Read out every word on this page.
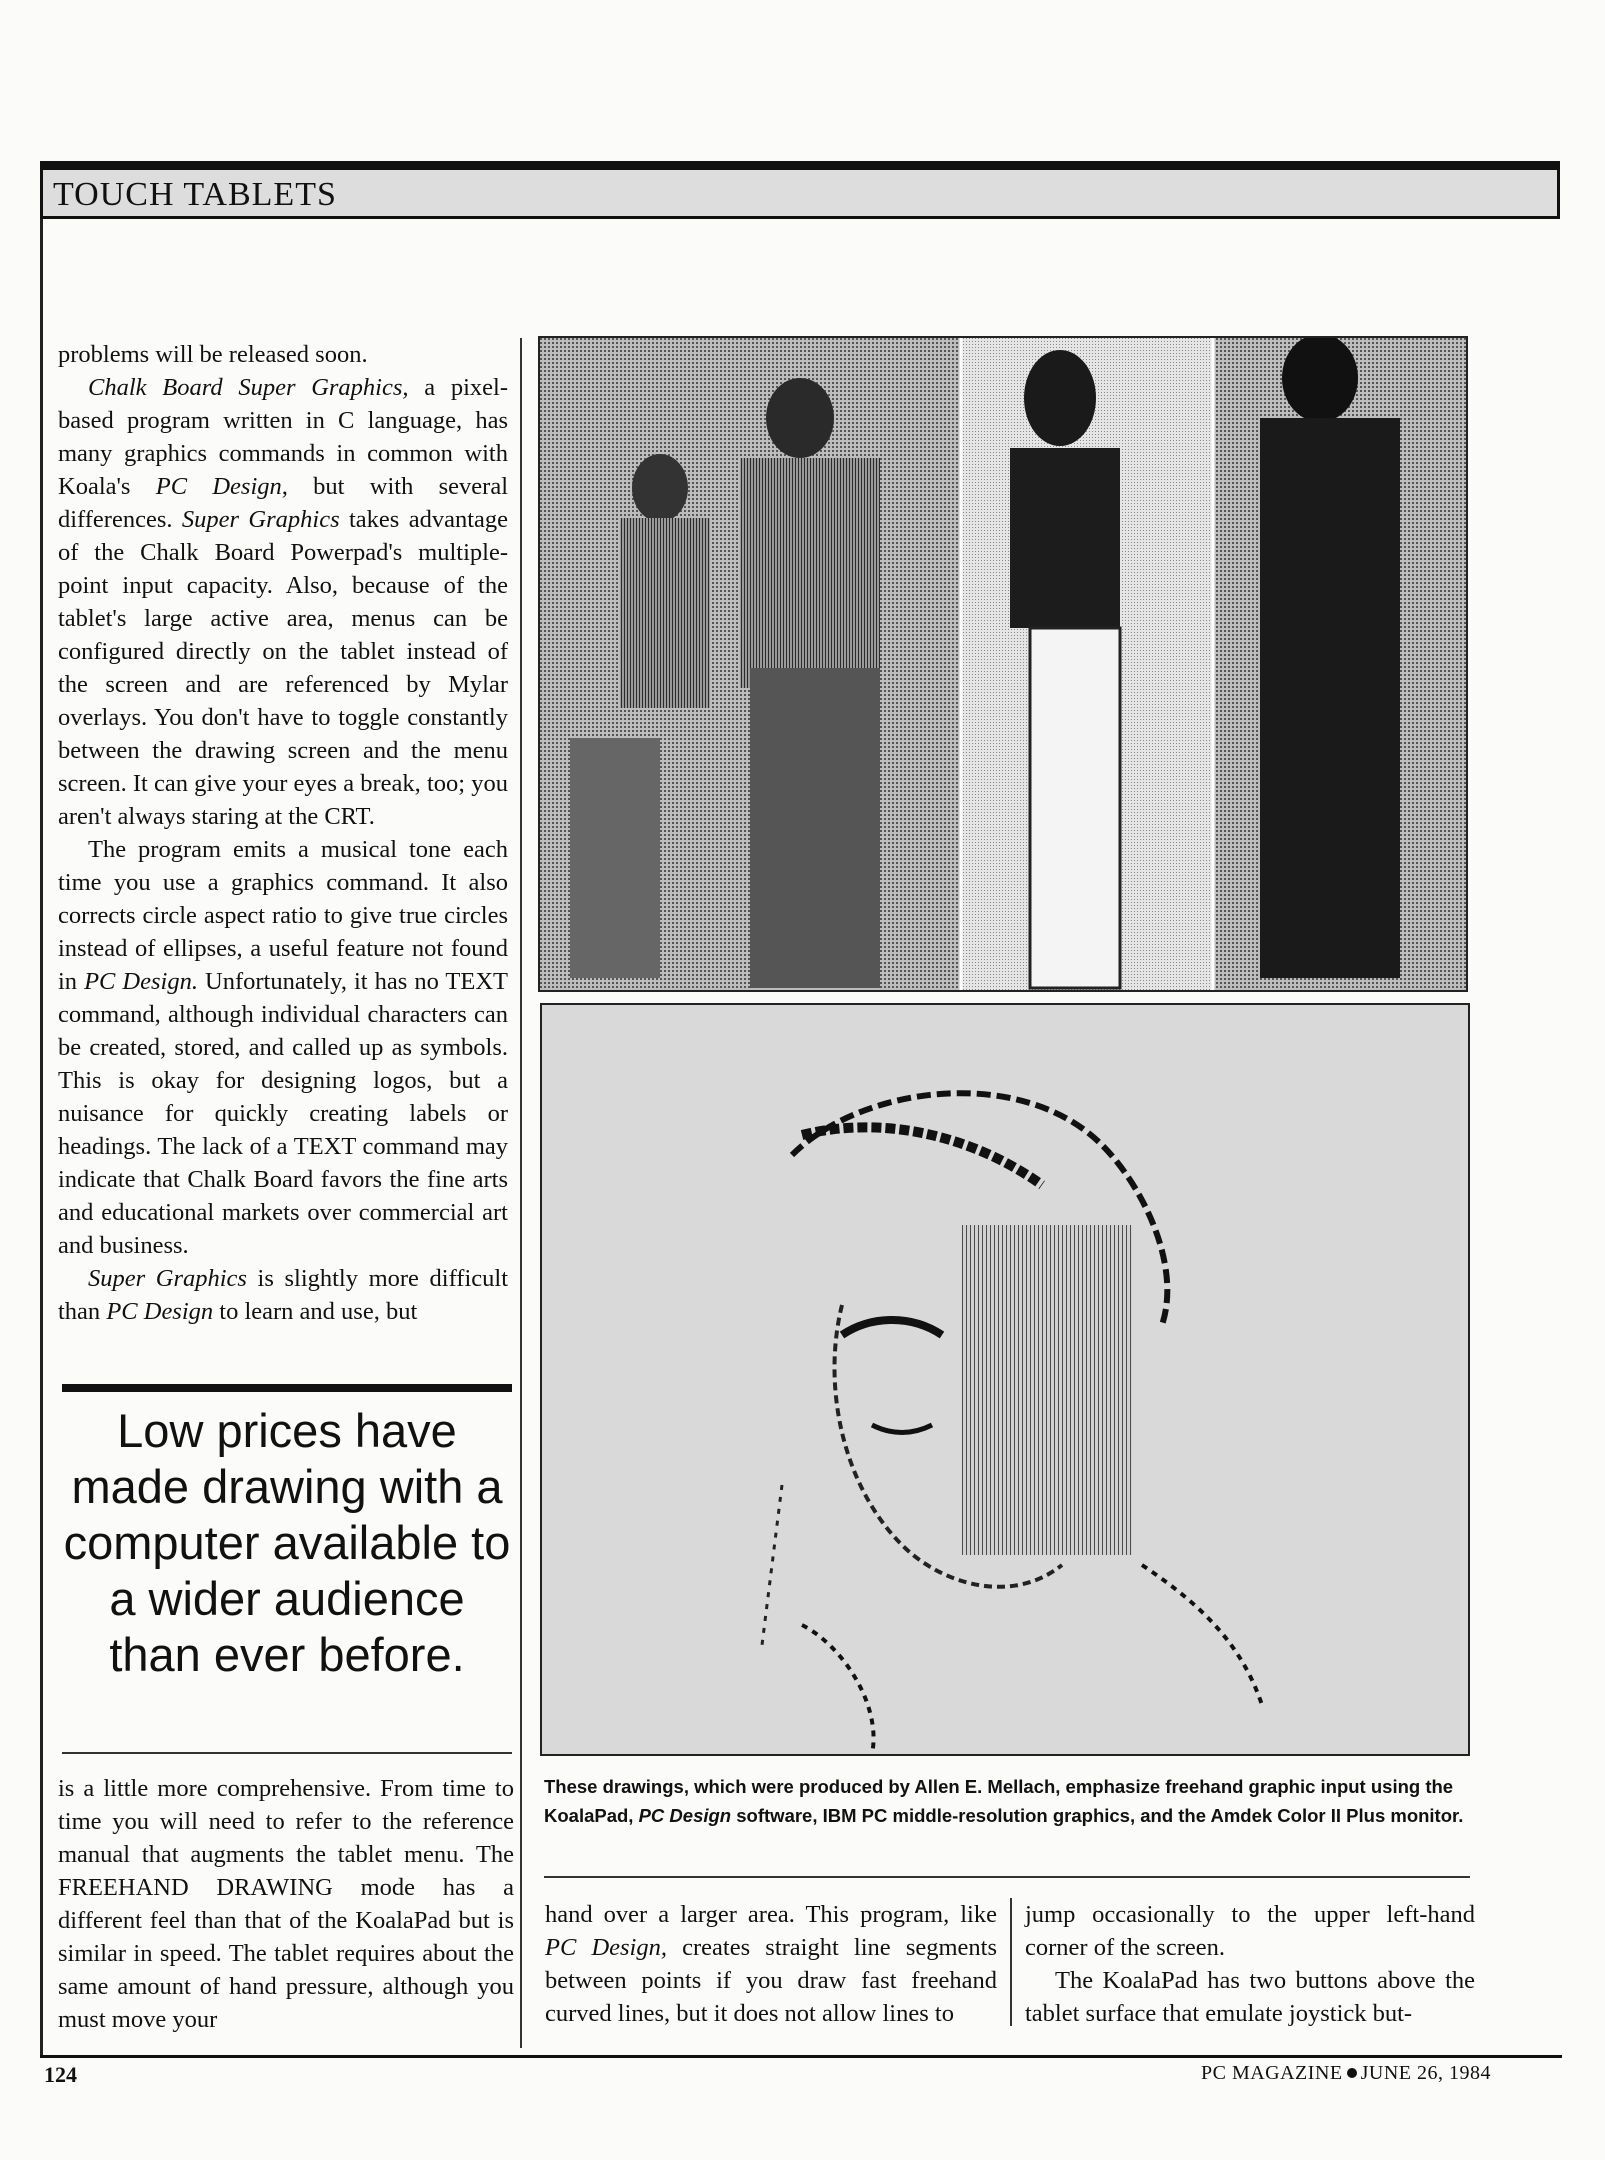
TOUCH TABLETS

problems will be released soon.

Chalk Board Super Graphics, a pixel-based program written in C language, has many graphics commands in common with Koala's PC Design, but with several differences. Super Graphics takes advantage of the Chalk Board Powerpad's multiple-point input capacity. Also, because of the tablet's large active area, menus can be configured directly on the tablet instead of the screen and are referenced by Mylar overlays. You don't have to toggle constantly between the drawing screen and the menu screen. It can give your eyes a break, too; you aren't always staring at the CRT.

The program emits a musical tone each time you use a graphics command. It also corrects circle aspect ratio to give true circles instead of ellipses, a useful feature not found in PC Design. Unfortunately, it has no TEXT command, although individual characters can be created, stored, and called up as symbols. This is okay for designing logos, but a nuisance for quickly creating labels or headings. The lack of a TEXT command may indicate that Chalk Board favors the fine arts and educational markets over commercial art and business.

Super Graphics is slightly more difficult than PC Design to learn and use, but

Low prices have made drawing with a computer available to a wider audience than ever before.

is a little more comprehensive. From time to time you will need to refer to the reference manual that augments the tablet menu. The FREEHAND DRAWING mode has a different feel than that of the KoalaPad but is similar in speed. The tablet requires about the same amount of hand pressure, although you must move your

These drawings, which were produced by Allen E. Mellach, emphasize freehand graphic input using the KoalaPad, PC Design software, IBM PC middle-resolution graphics, and the Amdek Color II Plus monitor.

hand over a larger area. This program, like PC Design, creates straight line segments between points if you draw fast freehand curved lines, but it does not allow lines to

jump occasionally to the upper left-hand corner of the screen.

The KoalaPad has two buttons above the tablet surface that emulate joystick but-

124	PC MAGAZINE JUNE 26, 1984
